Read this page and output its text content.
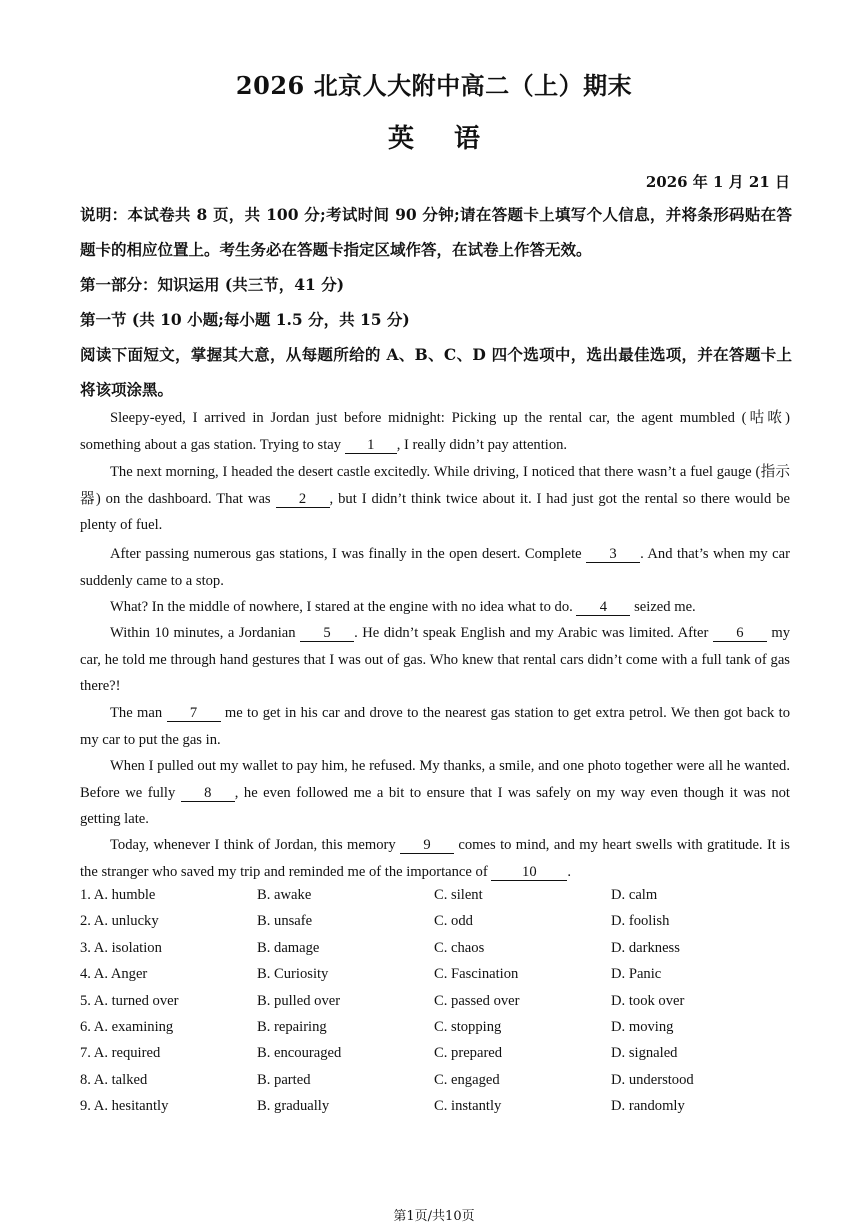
2026 北京人大附中高二（上）期末
英语
2026 年 1 月 21 日
说明：本试卷共 8 页，共 100 分;考试时间 90 分钟;请在答题卡上填写个人信息，并将条形码贴在答题卡的相应位置上。考生务必在答题卡指定区域作答，在试卷上作答无效。
第一部分：知识运用 (共三节，41 分)
第一节 (共 10 小题;每小题 1.5 分，共 15 分)
阅读下面短文，掌握其大意，从每题所给的 A、B、C、D 四个选项中，选出最佳选项，并在答题卡上将该项涂黑。
Sleepy-eyed, I arrived in Jordan just before midnight: Picking up the rental car, the agent mumbled (咕哝) something about a gas station. Trying to stay 1 , I really didn’t pay attention.
The next morning, I headed the desert castle excitedly. While driving, I noticed that there wasn’t a fuel gauge (指示器) on the dashboard. That was 2 , but I didn’t think twice about it. I had just got the rental so there would be plenty of fuel.
After passing numerous gas stations, I was finally in the open desert. Complete 3 . And that’s when my car suddenly came to a stop.
What? In the middle of nowhere, I stared at the engine with no idea what to do. 4 seized me.
Within 10 minutes, a Jordanian 5 . He didn’t speak English and my Arabic was limited. After 6 my car, he told me through hand gestures that I was out of gas. Who knew that rental cars didn’t come with a full tank of gas there?!
The man 7 me to get in his car and drove to the nearest gas station to get extra petrol. We then got back to my car to put the gas in.
When I pulled out my wallet to pay him, he refused. My thanks, a smile, and one photo together were all he wanted. Before we fully 8 , he even followed me a bit to ensure that I was safely on my way even though it was not getting late.
Today, whenever I think of Jordan, this memory 9 comes to mind, and my heart swells with gratitude. It is the stranger who saved my trip and reminded me of the importance of 10 .
1. A. humble	B. awake	C. silent	D. calm
2. A. unlucky	B. unsafe	C. odd	D. foolish
3. A. isolation	B. damage	C. chaos	D. darkness
4. A. Anger	B. Curiosity	C. Fascination	D. Panic
5. A. turned over	B. pulled over	C. passed over	D. took over
6. A. examining	B. repairing	C. stopping	D. moving
7. A. required	B. encouraged	C. prepared	D. signaled
8. A. talked	B. parted	C. engaged	D. understood
9. A. hesitantly	B. gradually	C. instantly	D. randomly
第1页/共10页
